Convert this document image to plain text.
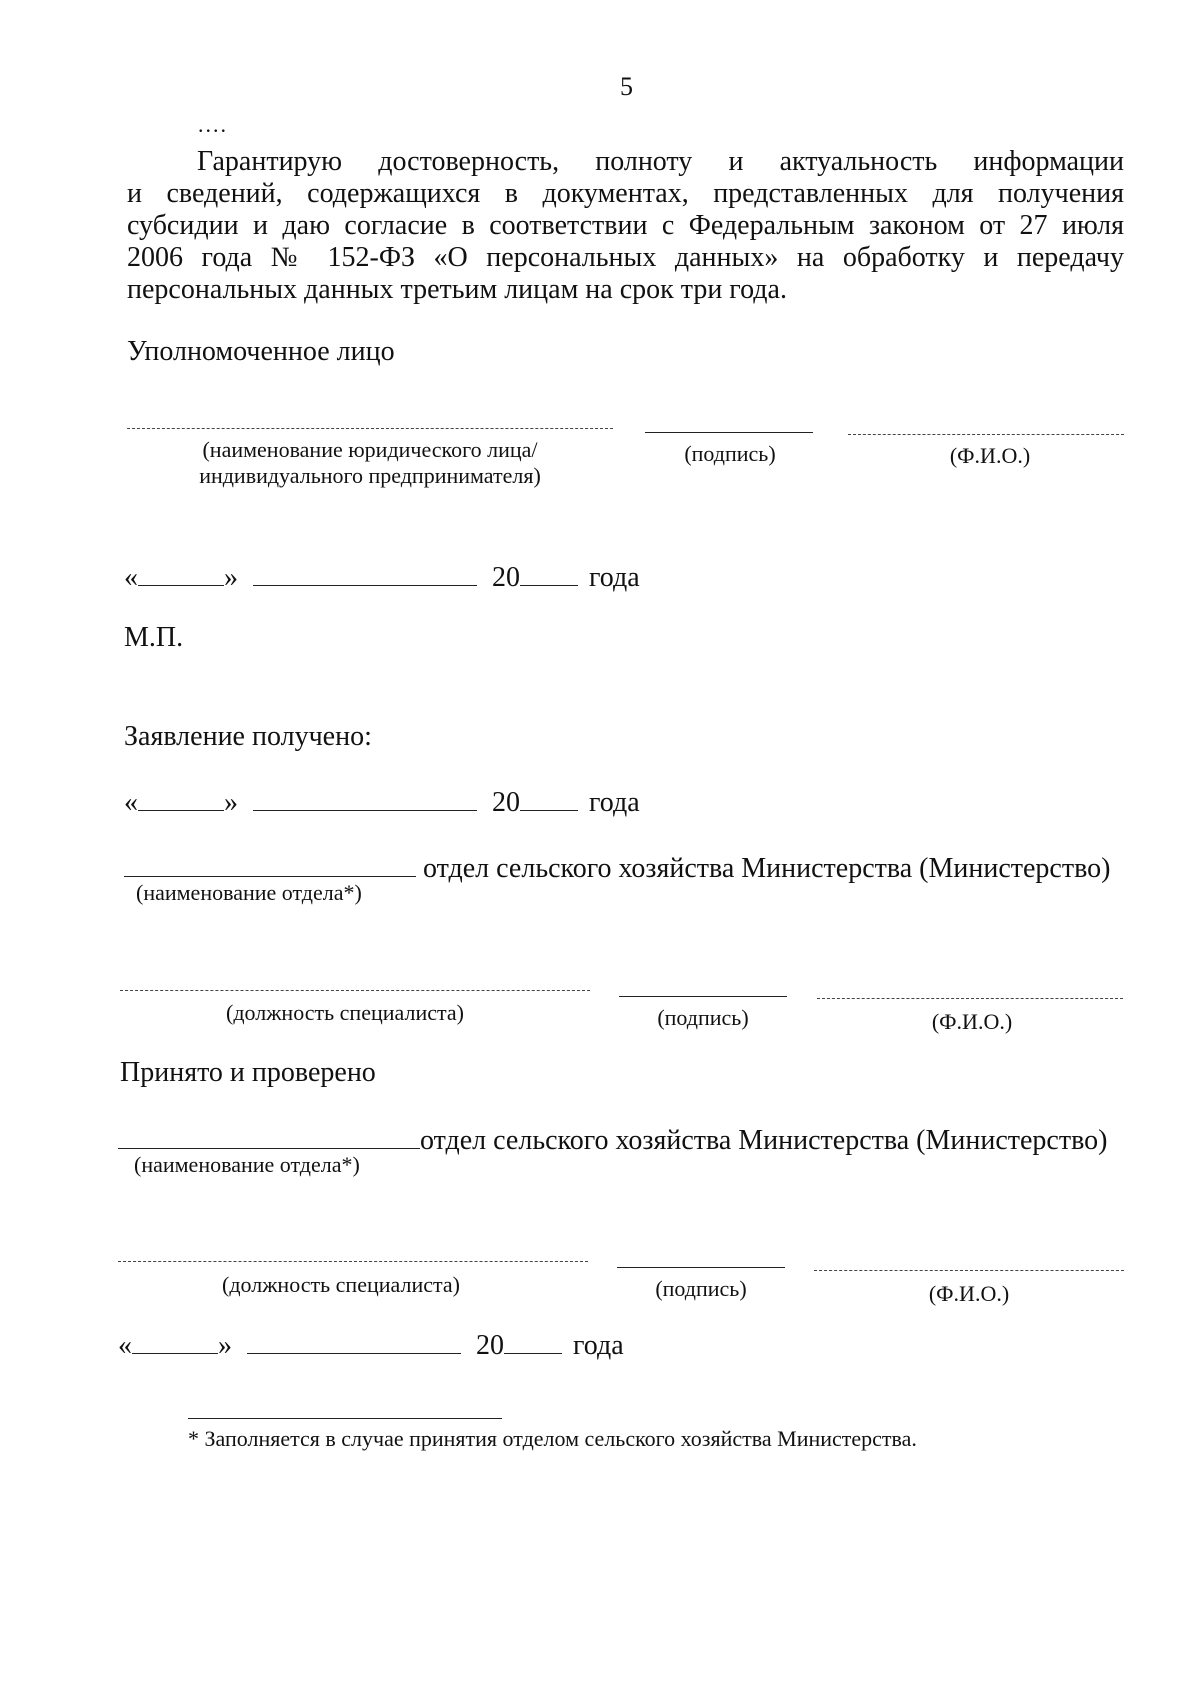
5
....
Гарантирую достоверность, полноту и актуальность информации
и сведений, содержащихся в документах, представленных для получения
субсидии и даю согласие в соответствии с Федеральным законом от 27 июля
2006 года № 152-ФЗ «О персональных данных» на обработку и передачу
персональных данных третьим лицам на срок три года.
Уполномоченное лицо
(наименование юридического лица/
индивидуального предпринимателя)
(подпись)	(Ф.И.О.)
«	»	20 года
М.П.
Заявление получено:
«	»	20 года
отдел сельского хозяйства Министерства (Министерство)
(наименование отдела*)
(должность специалиста)	(подпись)	(Ф.И.О.)
Принято и проверено
отдел сельского хозяйства Министерства (Министерство)
(наименование отдела*)
(должность специалиста)	(подпись)	(Ф.И.О.)
«	»	20 года
* Заполняется в случае принятия отделом сельского хозяйства Министерства.
